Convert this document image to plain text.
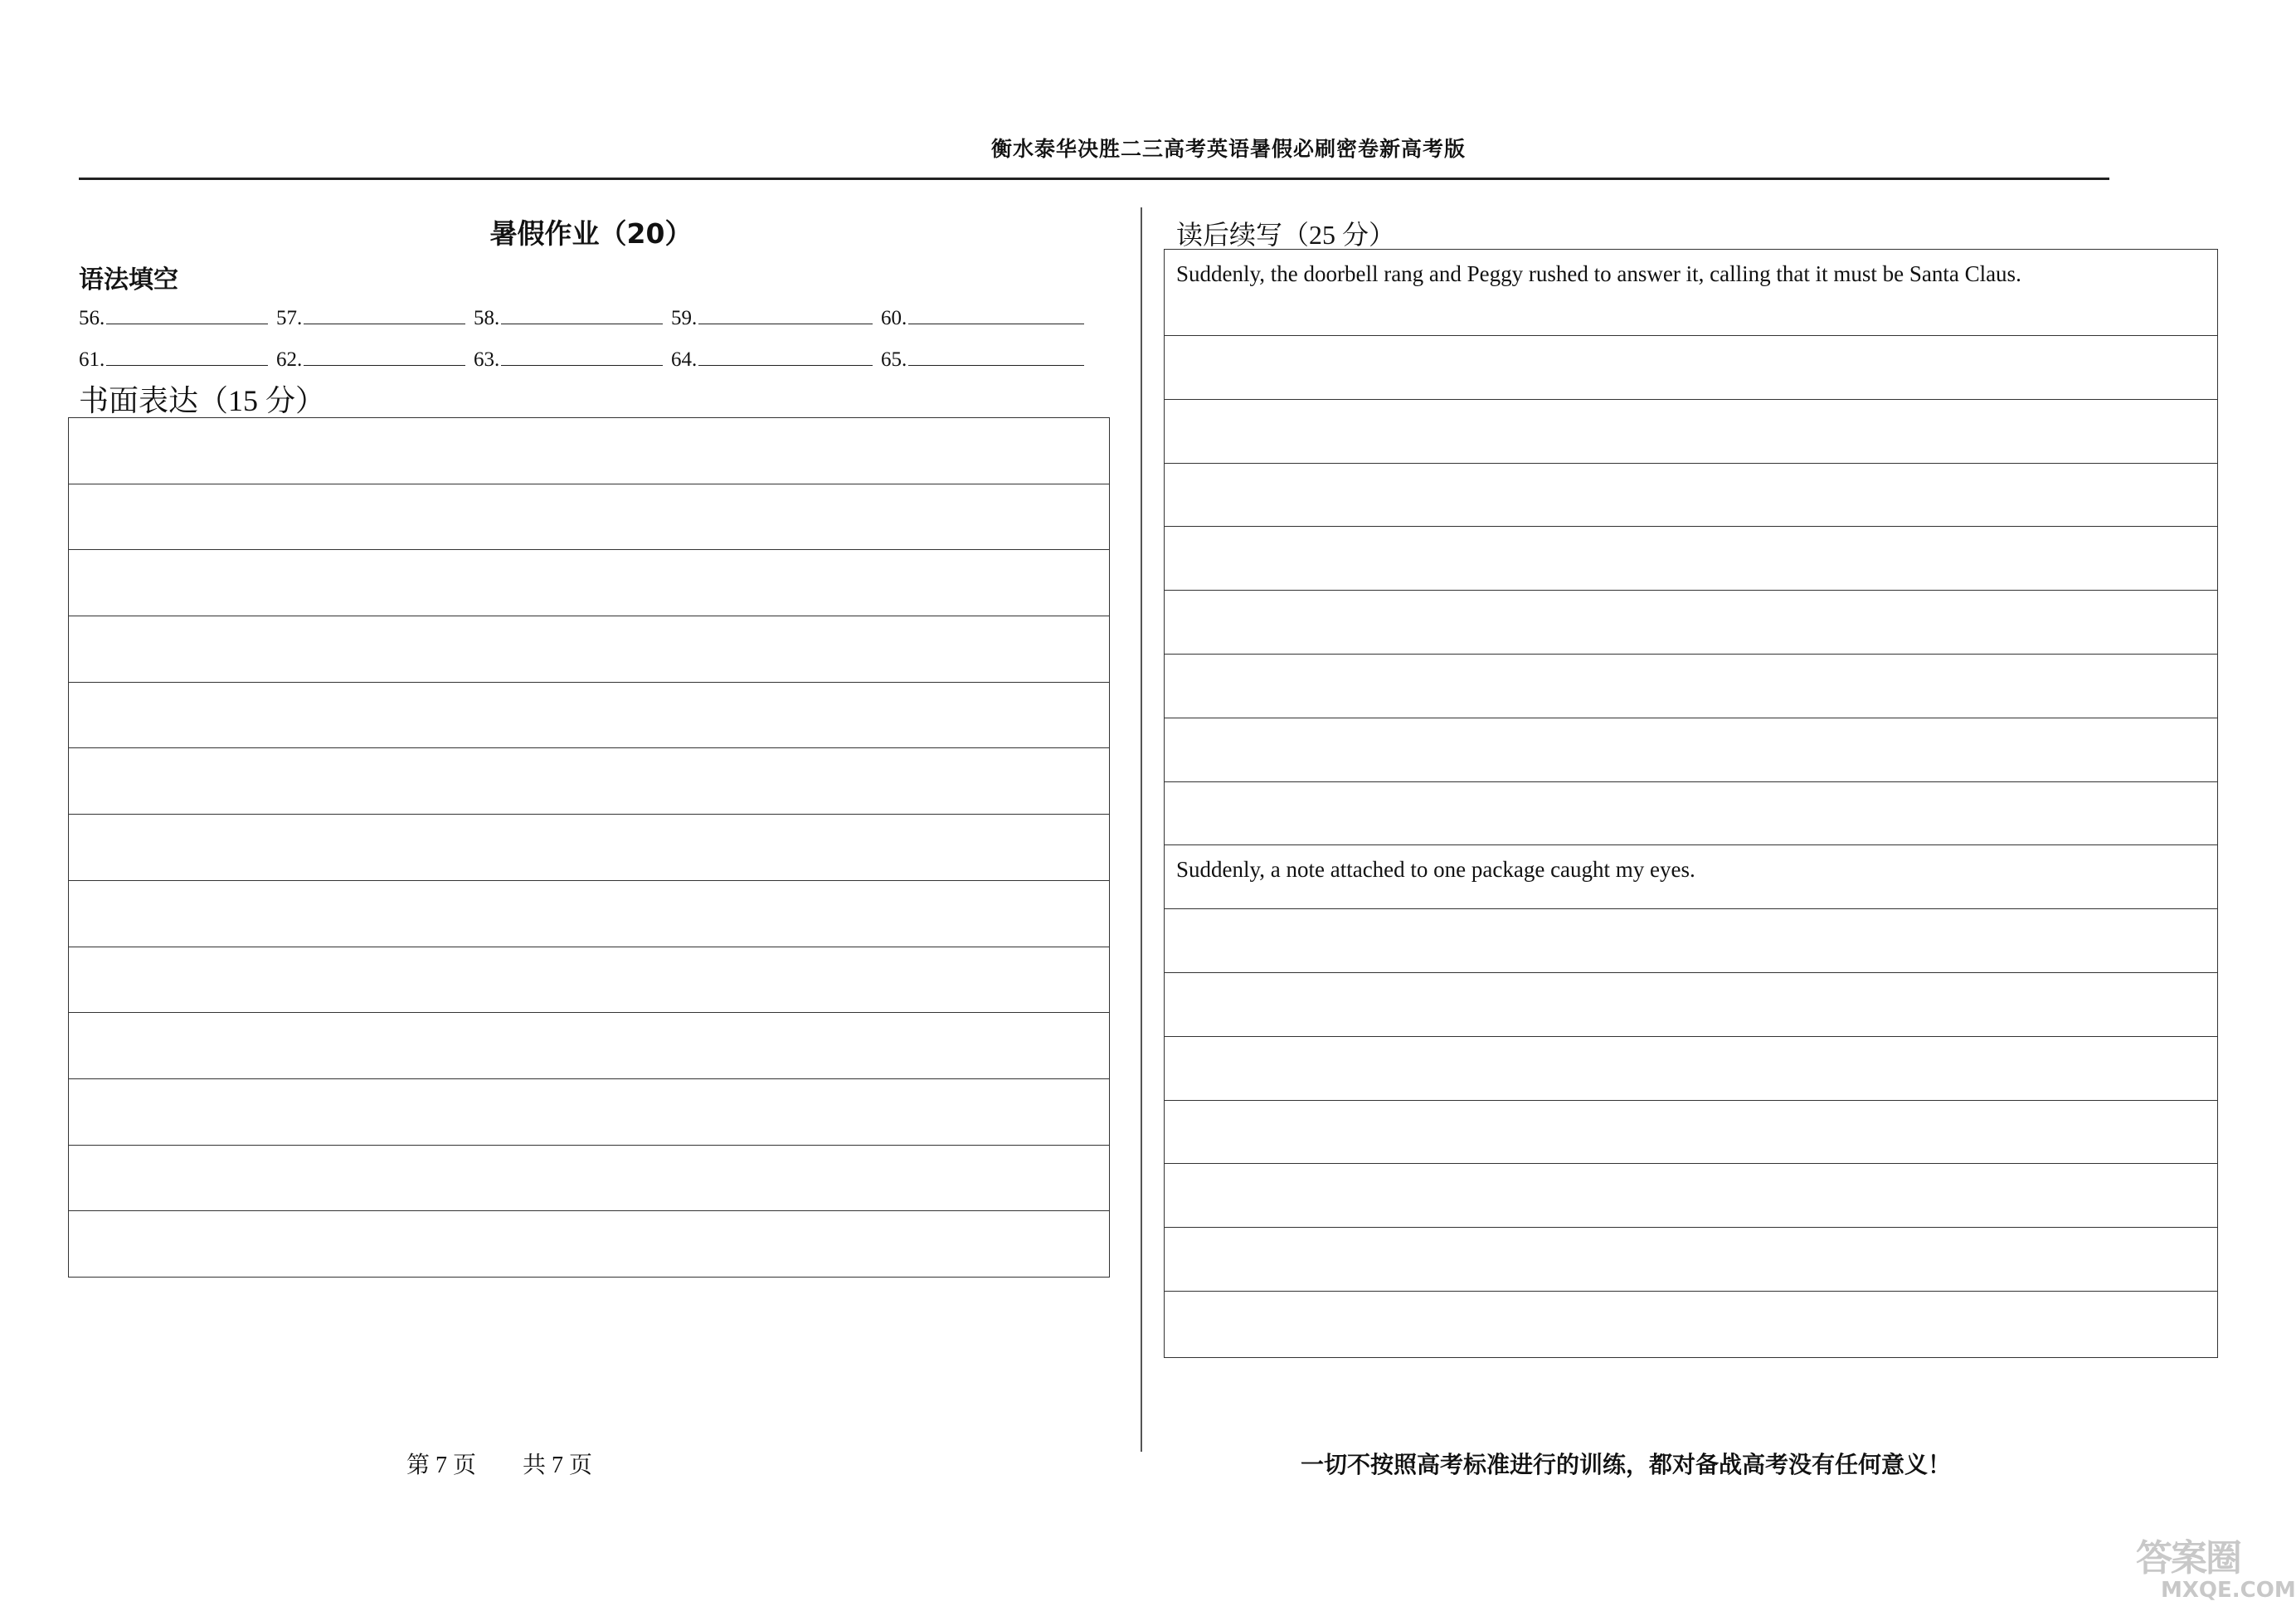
衡水泰华决胜二三高考英语暑假必刷密卷新高考版
暑假作业（20）
语法填空
56.	57.	58.	59.	60.
61.	62.	63.	64.	65.
书面表达（15 分）
读后续写（25 分）
Suddenly, the doorbell rang and Peggy rushed to answer it, calling that it must be Santa Claus.
Suddenly, a note attached to one package caught my eyes.
第 7 页　　共 7 页	一切不按照高考标准进行的训练，都对备战高考没有任何意义！
答案圈
MXQE.COM
